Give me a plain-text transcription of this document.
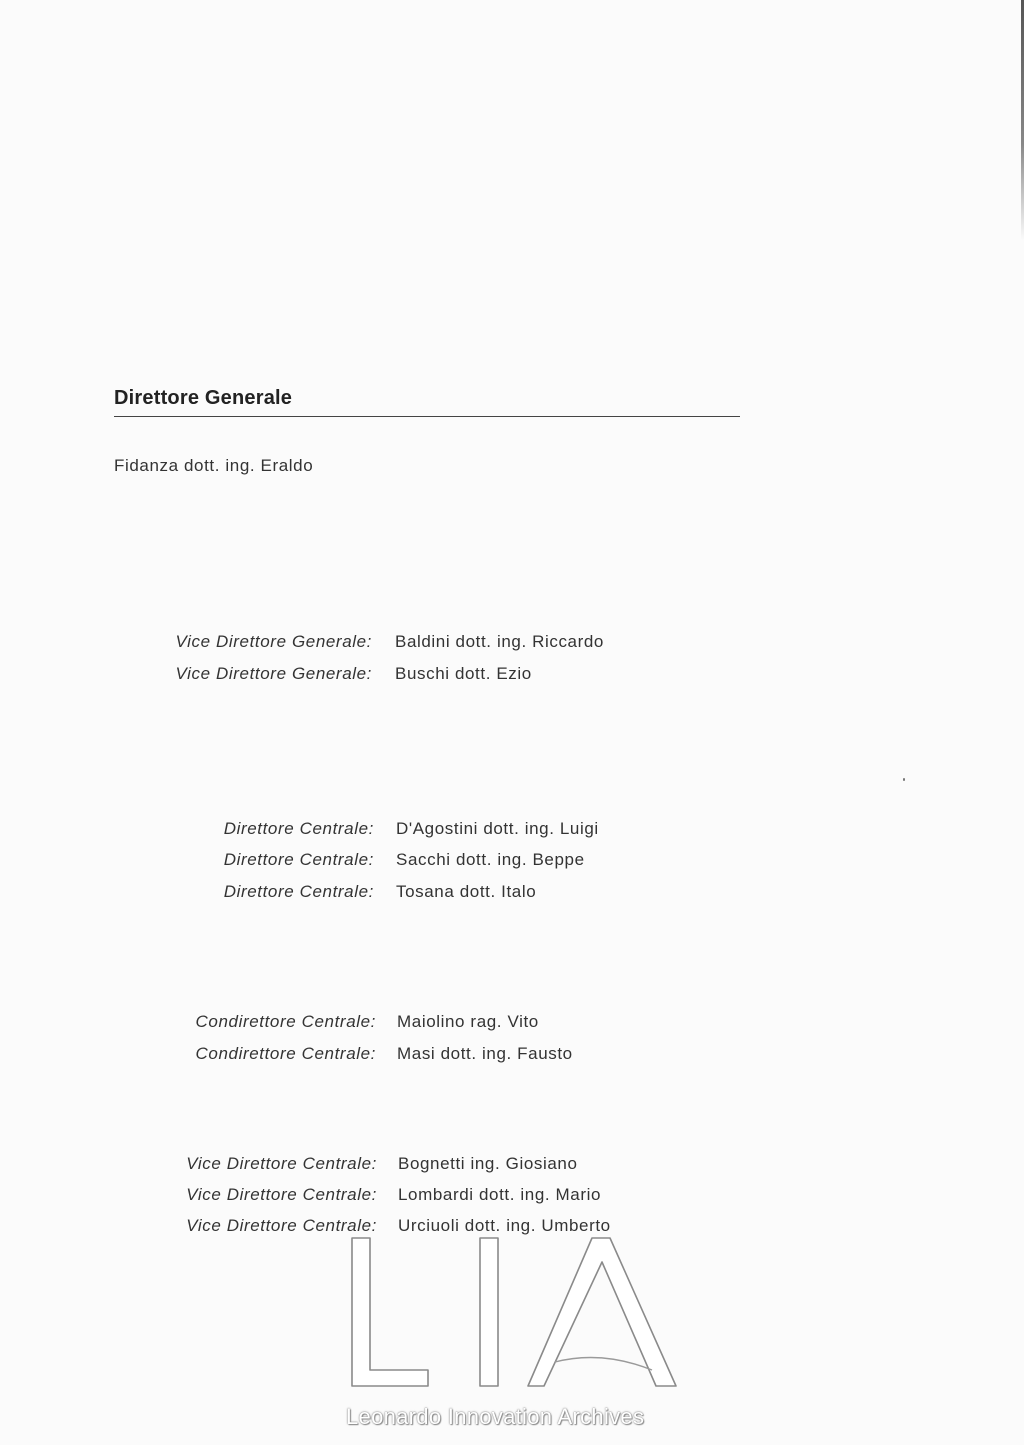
Direttore Generale
Fidanza dott. ing. Eraldo
Vice Direttore Generale: Baldini dott. ing. Riccardo
Vice Direttore Generale: Buschi dott. Ezio
Direttore Centrale: D'Agostini dott. ing. Luigi
Direttore Centrale: Sacchi dott. ing. Beppe
Direttore Centrale: Tosana dott. Italo
Condirettore Centrale: Maiolino rag. Vito
Condirettore Centrale: Masi dott. ing. Fausto
Vice Direttore Centrale: Bognetti ing. Giosiano
Vice Direttore Centrale: Lombardi dott. ing. Mario
Vice Direttore Centrale: Urciuoli dott. ing. Umberto
Leonardo Innovation Archives
